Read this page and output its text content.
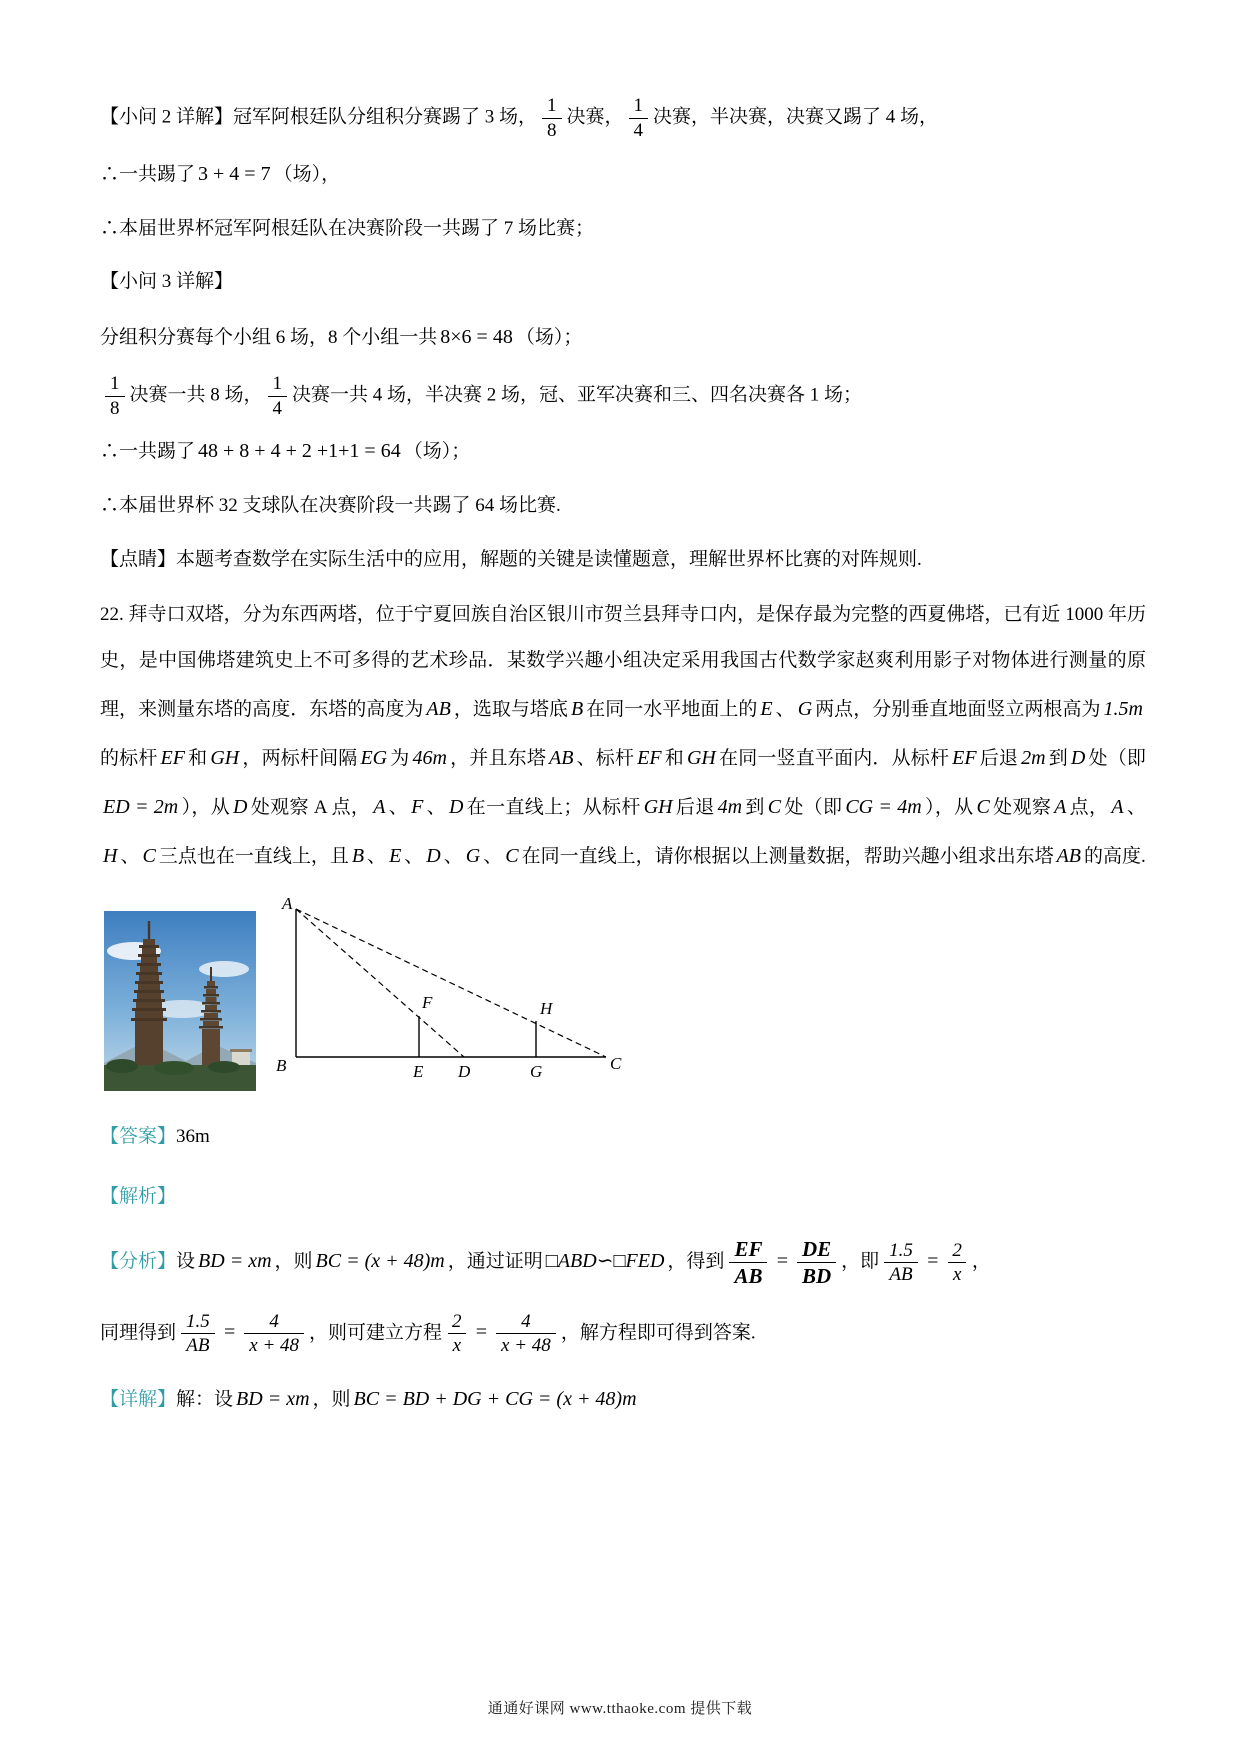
【小问 2 详解】冠军阿根廷队分组积分赛踢了 3 场， $\frac{1}{8}$ 决赛， $\frac{1}{4}$ 决赛，半决赛，决赛又踢了 4 场，

∴一共踢了 3 + 4 = 7 （场），

∴本届世界杯冠军阿根廷队在决赛阶段一共踢了 7 场比赛；

【小问 3 详解】

分组积分赛每个小组 6 场，8 个小组一共 8×6 = 48 （场）；

$\frac{1}{8}$ 决赛一共 8 场， $\frac{1}{4}$ 决赛一共 4 场，半决赛 2 场，冠、亚军决赛和三、四名决赛各 1 场；

∴一共踢了 48 + 8 + 4 + 2 +1+1 = 64 （场）；

∴本届世界杯 32 支球队在决赛阶段一共踢了 64 场比赛.

【点睛】本题考查数学在实际生活中的应用，解题的关键是读懂题意，理解世界杯比赛的对阵规则.

22. 拜寺口双塔，分为东西两塔，位于宁夏回族自治区银川市贺兰县拜寺口内，是保存最为完整的西夏佛塔，已有近 1000 年历史，是中国佛塔建筑史上不可多得的艺术珍品．某数学兴趣小组决定采用我国古代数学家赵爽利用影子对物体进行测量的原理，来测量东塔的高度．东塔的高度为 AB ，选取与塔底 B 在同一水平地面上的 E 、 G 两点，分别垂直地面竖立两根高为 1.5m的标杆 EF 和 GH ，两标杆间隔 EG 为 46m ，并且东塔 AB 、标杆 EF 和 GH 在同一竖直平面内．从标杆 EF 后退 2m 到 D 处（即ED = 2m ），从 D 处观察 A 点， A 、 F 、 D 在一直线上；从标杆 GH 后退 4m 到 C 处（即 CG = 4m ），从 C 处观察 A 点， A 、H 、 C 三点也在一直线上，且 B 、 E 、 D 、 G 、 C 在同一直线上，请你根据以上测量数据，帮助兴趣小组求出东塔 AB 的高度.

A
B	E D	G	C
F	H

【答案】36m

【解析】

【分析】设 BD = xm ，则 BC = (x + 48)m ，通过证明 □ABD∽□FED ，得到 $\frac{EF}{AB} = \frac{DE}{BD}$ ，即 $\frac{1.5}{AB} = \frac{2}{x}$ ，

同理得到 $\frac{1.5}{AB} = \frac{4}{x + 48}$ ，则可建立方程 $\frac{2}{x} = \frac{4}{x + 48}$ ，解方程即可得到答案.

【详解】解：设 BD = xm ，则 BC = BD + DG + CG = (x + 48)m

通通好课网 www.tthaoke.com 提供下载
